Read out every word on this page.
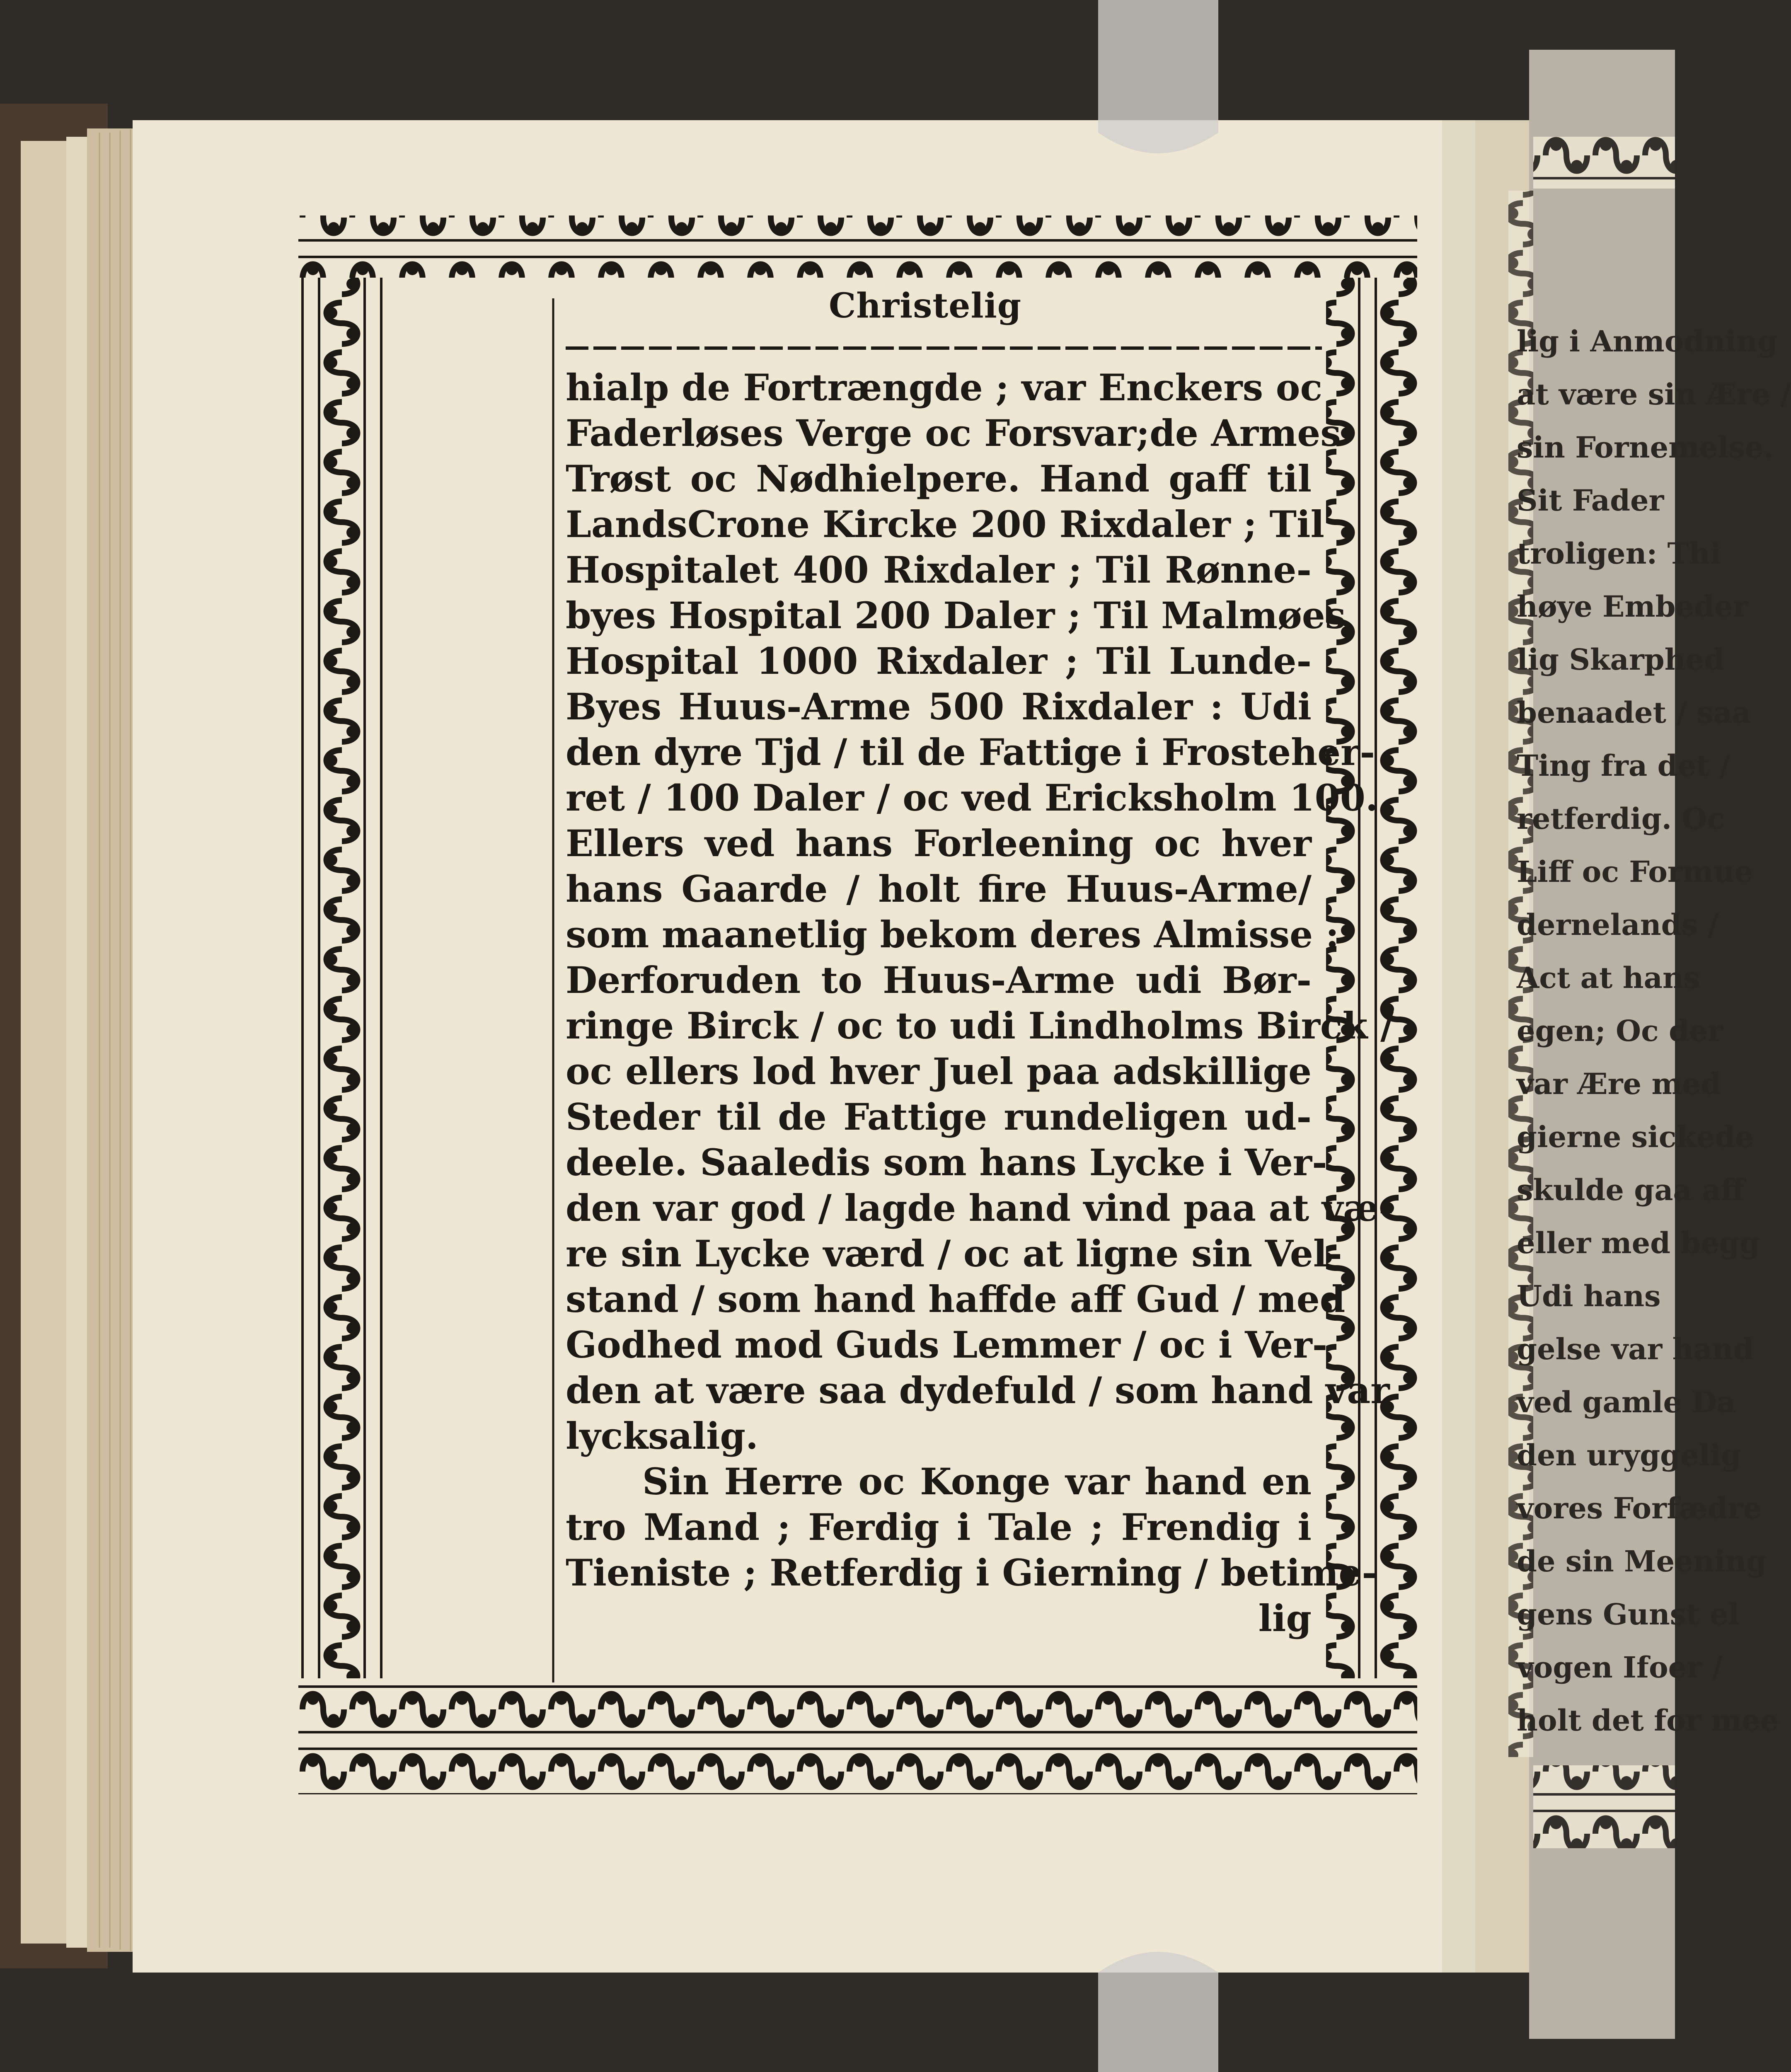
Christelig
hialp de Fortrængde ; var Enckers oc
Faderløses Verge oc Forsvar;de Armes
Trøst oc Nødhielpere. Hand gaff til
LandsCrone Kircke 200 Rixdaler ; Til
Hospitalet 400 Rixdaler ; Til Rønne-
byes Hospital 200 Daler ; Til Malmøes
Hospital 1000 Rixdaler ; Til Lunde-
Byes Huus-Arme 500 Rixdaler : Udi
den dyre Tjd / til de Fattige i Frosteher-
ret / 100 Daler / oc ved Ericksholm 100.
Ellers ved hans Forleening oc hver
hans Gaarde / holt fire Huus-Arme/
som maanetlig bekom deres Almisse :
Derforuden to Huus-Arme udi Bør-
ringe Birck / oc to udi Lindholms Birck /
oc ellers lod hver Juel paa adskillige
Steder til de Fattige rundeligen ud-
deele. Saaledis som hans Lycke i Ver-
den var god / lagde hand vind paa at væ-
re sin Lycke værd / oc at ligne sin Vel-
stand / som hand haffde aff Gud / med
Godhed mod Guds Lemmer / oc i Ver-
den at være saa dydefuld / som hand var
lycksalig.
Sin Herre oc Konge var hand en
tro Mand ; Ferdig i Tale ; Frendig i
Tieniste ; Retferdig i Gierning / betime-
lig
lig i Anmodning
at være sin Ære /
sin Fornemelse.
Sit Fader
troligen: Thi
høye Embeder
lig Skarphed
benaadet / saa
Ting fra det /
retferdig. Oc
Liff oc Formue
dernelands /
Act at hans
egen; Oc der
var Ære med
gierne sickede
skulde gaa aff
eller med begg
Udi hans
gelse var hand
ved gamle Da
den uryggelig
vores Forfædre
de sin Meening
gens Gunst el
vogen Ifoer /
holt det for mee
